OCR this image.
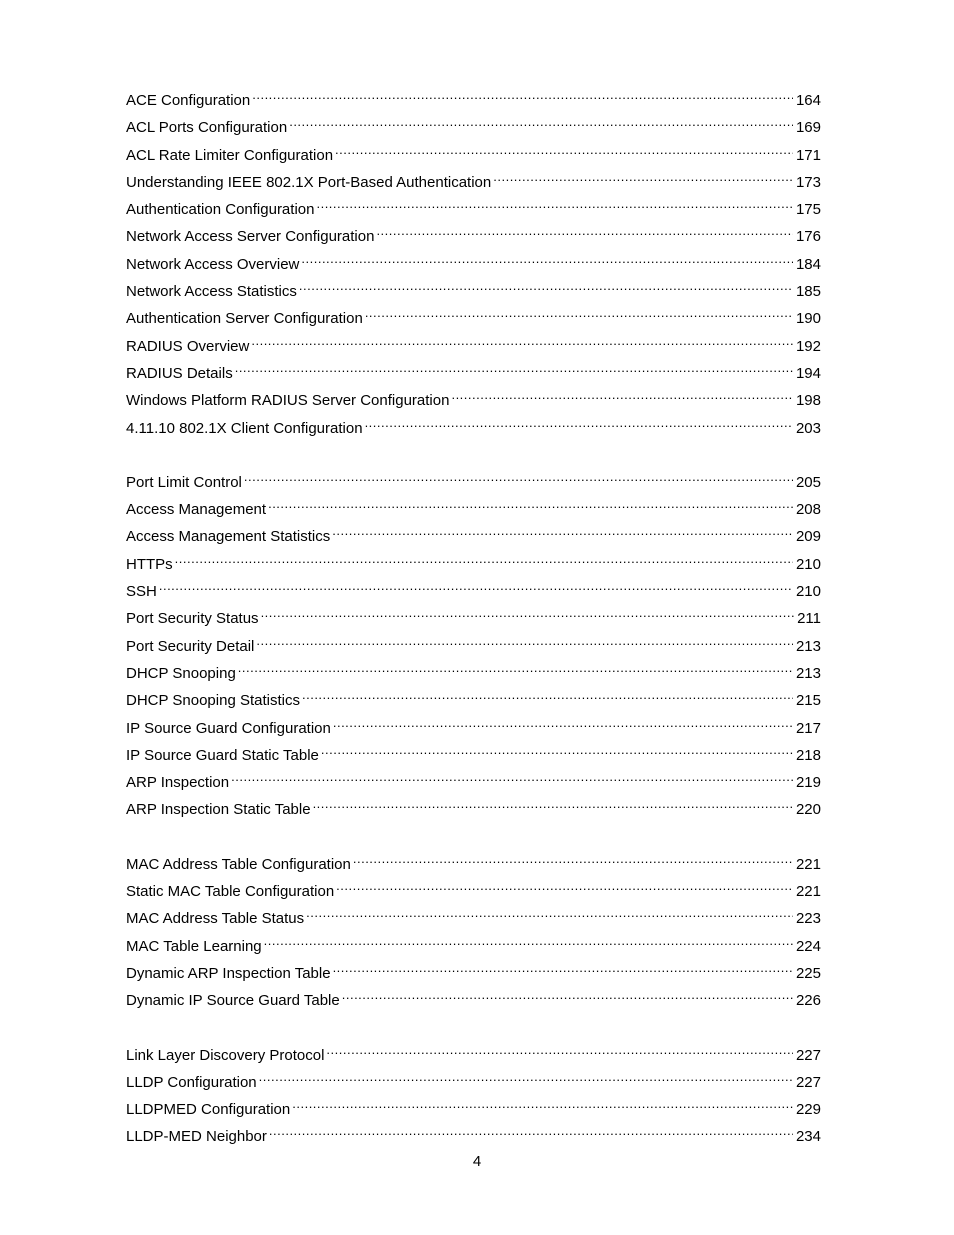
ACE Configuration .....	164
ACL Ports Configuration .....	169
ACL Rate Limiter Configuration .....	171
Understanding IEEE 802.1X Port-Based Authentication .....	173
Authentication Configuration .....	175
Network Access Server Configuration .....	176
Network Access Overview .....	184
Network Access Statistics .....	185
Authentication Server Configuration .....	190
RADIUS Overview .....	192
RADIUS Details .....	194
Windows Platform RADIUS Server Configuration .....	198
4.11.10 802.1X Client Configuration .....	203
Port Limit Control .....	205
Access Management .....	208
Access Management Statistics .....	209
HTTPs .....	210
SSH .....	210
Port Security Status .....	211
Port Security Detail .....	213
DHCP Snooping .....	213
DHCP Snooping Statistics .....	215
IP Source Guard Configuration .....	217
IP Source Guard Static Table .....	218
ARP Inspection .....	219
ARP Inspection Static Table .....	220
MAC Address Table Configuration .....	221
Static MAC Table Configuration .....	221
MAC Address Table Status .....	223
MAC Table Learning .....	224
Dynamic ARP Inspection Table .....	225
Dynamic IP Source Guard Table .....	226
Link Layer Discovery Protocol .....	227
LLDP Configuration .....	227
LLDPMED Configuration .....	229
LLDP-MED Neighbor .....	234
4
